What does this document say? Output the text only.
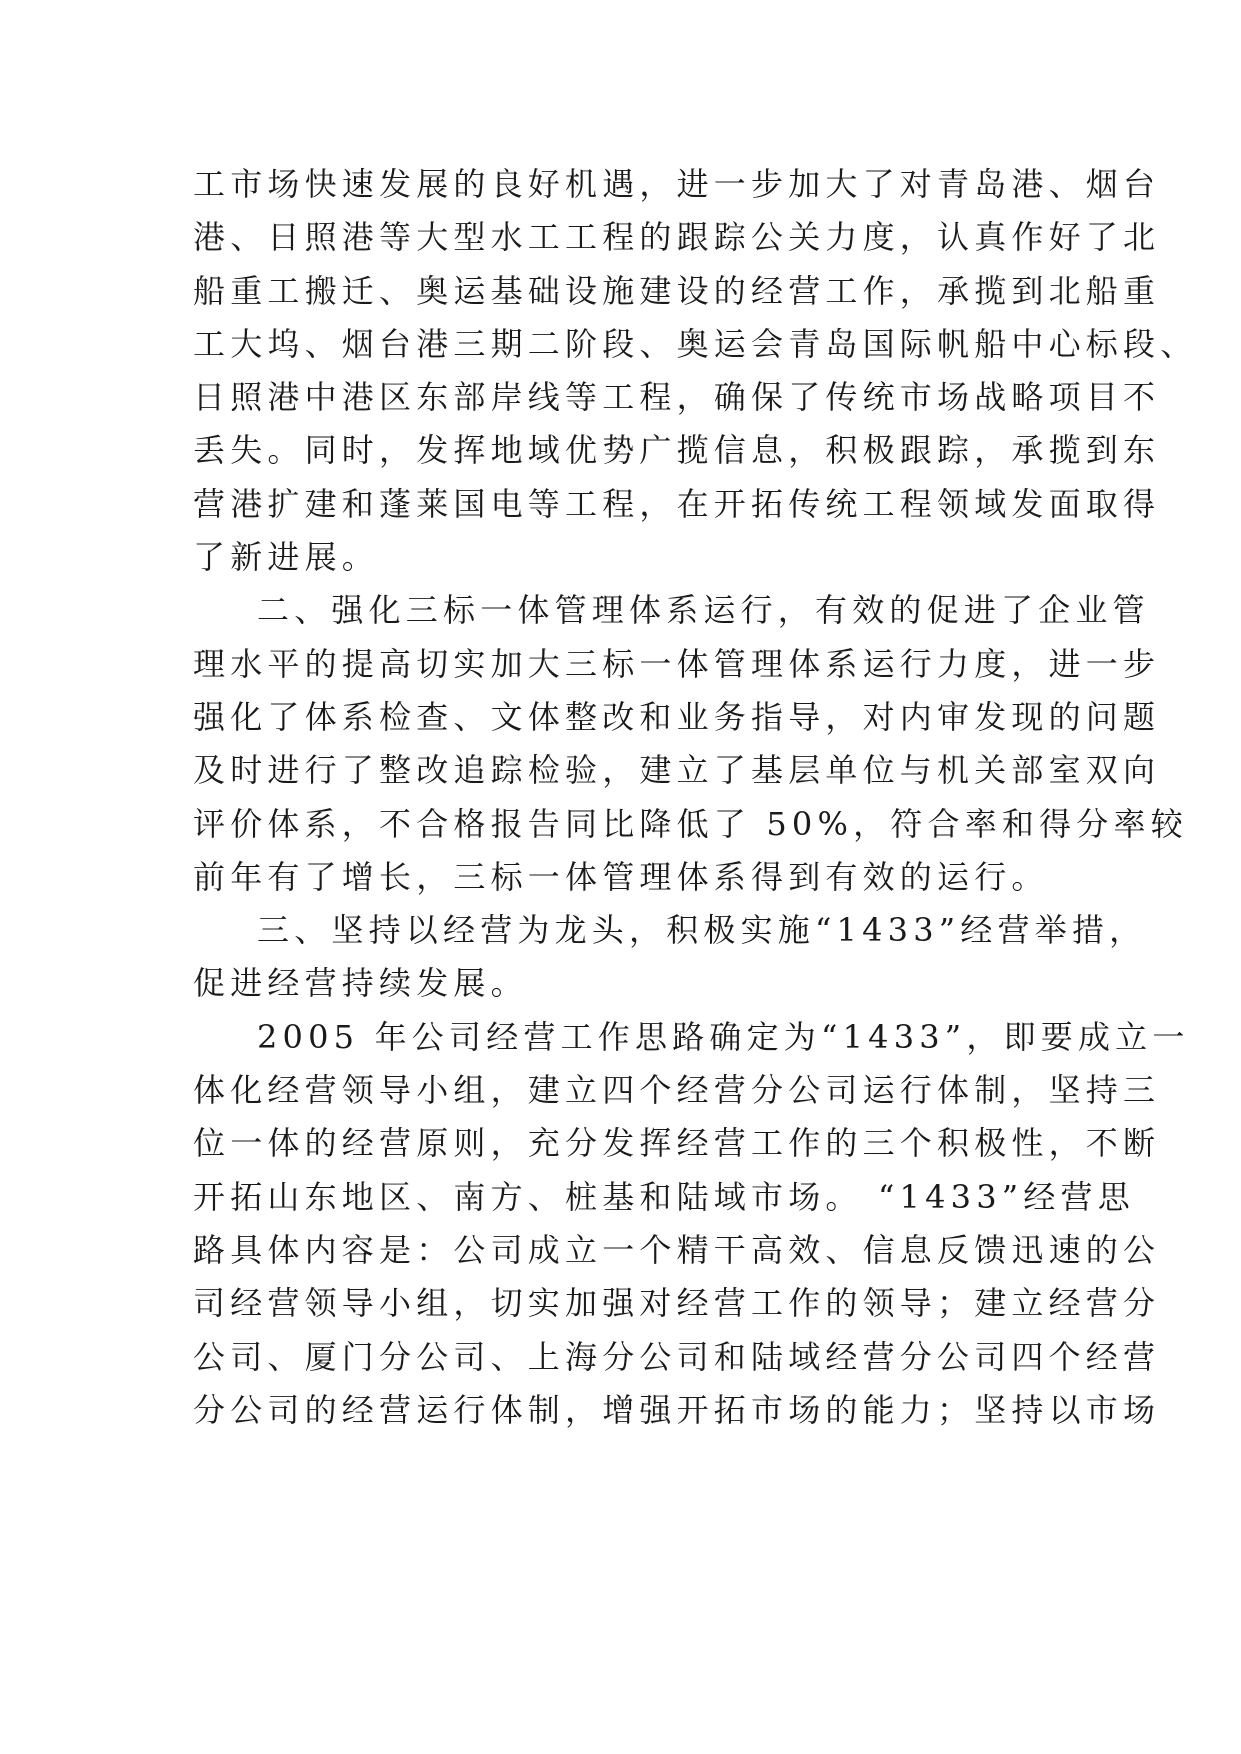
工市场快速发展的良好机遇，进一步加大了对青岛港、烟台
港、日照港等大型水工工程的跟踪公关力度，认真作好了北
船重工搬迁、奥运基础设施建设的经营工作，承揽到北船重
工大坞、烟台港三期二阶段、奥运会青岛国际帆船中心标段、
日照港中港区东部岸线等工程，确保了传统市场战略项目不
丢失。同时，发挥地域优势广揽信息，积极跟踪，承揽到东
营港扩建和蓬莱国电等工程，在开拓传统工程领域发面取得
了新进展。
二、强化三标一体管理体系运行，有效的促进了企业管
理水平的提高切实加大三标一体管理体系运行力度，进一步
强化了体系检查、文体整改和业务指导，对内审发现的问题
及时进行了整改追踪检验，建立了基层单位与机关部室双向
评价体系，不合格报告同比降低了 50%，符合率和得分率较
前年有了增长，三标一体管理体系得到有效的运行。
三、坚持以经营为龙头，积极实施“1433”经营举措，
促进经营持续发展。
2005 年公司经营工作思路确定为“1433”，即要成立一
体化经营领导小组，建立四个经营分公司运行体制，坚持三
位一体的经营原则，充分发挥经营工作的三个积极性，不断
开拓山东地区、南方、桩基和陆域市场。 “1433”经营思
路具体内容是：公司成立一个精干高效、信息反馈迅速的公
司经营领导小组，切实加强对经营工作的领导；建立经营分
公司、厦门分公司、上海分公司和陆域经营分公司四个经营
分公司的经营运行体制，增强开拓市场的能力；坚持以市场
